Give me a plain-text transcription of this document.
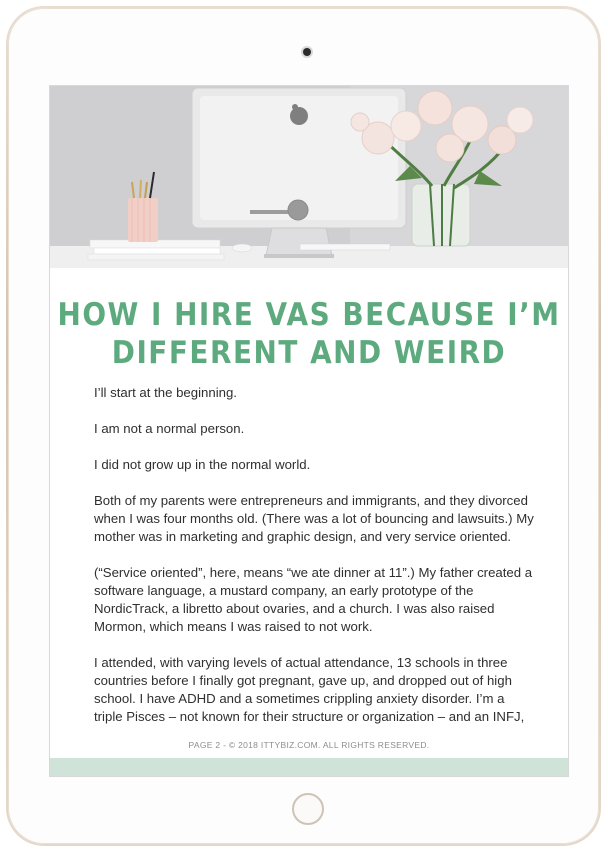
HOW I HIRE VAS BECAUSE I’M
DIFFERENT AND WEIRD

I’ll start at the beginning.

I am not a normal person.

I did not grow up in the normal world.

Both of my parents were entrepreneurs and immigrants, and they divorced when I was four months old. (There was a lot of bouncing and lawsuits.) My mother was in marketing and graphic design, and very service oriented.

(“Service oriented”, here, means “we ate dinner at 11”.) My father created a software language, a mustard company, an early prototype of the NordicTrack, a libretto about ovaries, and a church. I was also raised Mormon, which means I was raised to not work.

I attended, with varying levels of actual attendance, 13 schools in three countries before I finally got pregnant, gave up, and dropped out of high school. I have ADHD and a sometimes crippling anxiety disorder. I’m a triple Pisces – not known for their structure or organization – and an INFJ,

PAGE 2 - © 2018 ITTYBIZ.COM. ALL RIGHTS RESERVED.
